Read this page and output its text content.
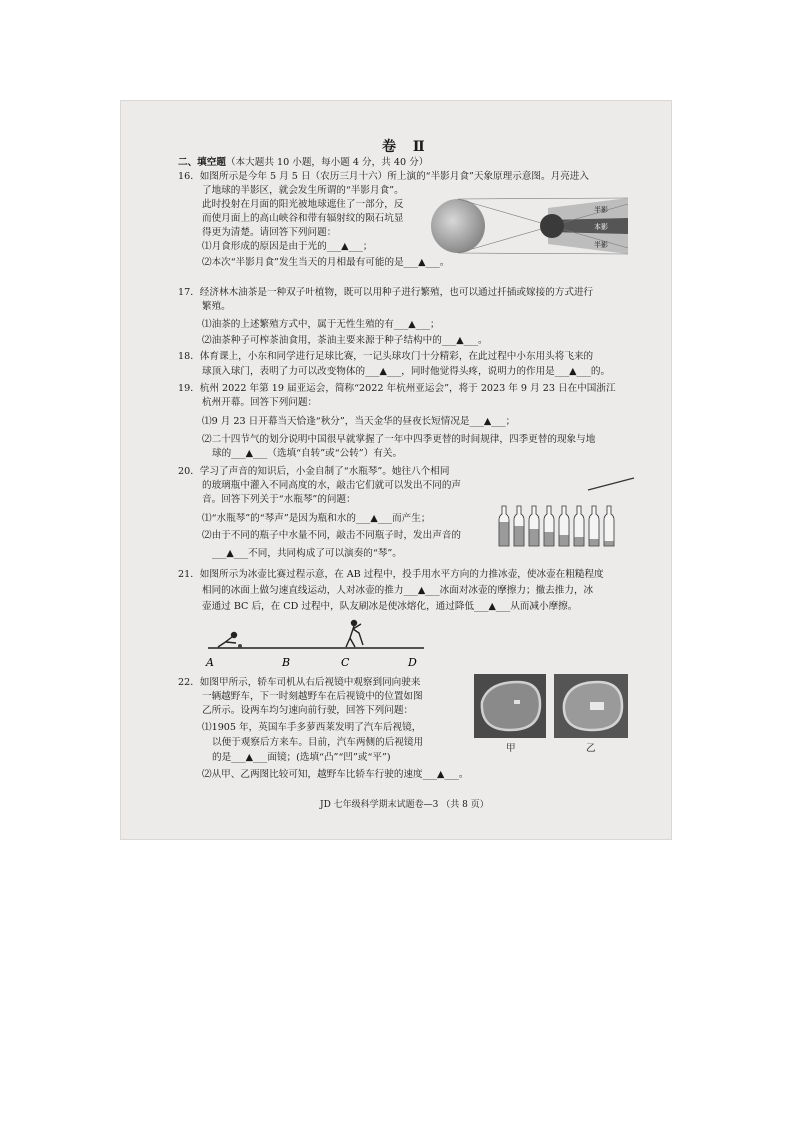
卷 Ⅱ
二、填空题（本大题共 10 小题，每小题 4 分，共 40 分）
16．如图所示是今年 5 月 5 日（农历三月十六）所上演的“半影月食”天象原理示意图。月亮进入
了地球的半影区，就会发生所谓的“半影月食”。
此时投射在月面的阳光被地球遮住了一部分，反
而使月面上的高山峡谷和带有辐射纹的陨石坑显
得更为清楚。请回答下列问题：
⑴月食形成的原因是由于光的___▲___；
⑵本次“半影月食”发生当天的月相最有可能的是___▲___。
半影
本影
半影
17．经济林木油茶是一种双子叶植物，既可以用种子进行繁殖，也可以通过扦插或嫁接的方式进行
繁殖。
⑴油茶的上述繁殖方式中，属于无性生殖的有___▲___；
⑵油茶种子可榨茶油食用，茶油主要来源于种子结构中的___▲___。
18．体育课上，小东和同学进行足球比赛，一记头球攻门十分精彩，在此过程中小东用头将飞来的
球顶入球门，表明了力可以改变物体的___▲___，同时他觉得头疼，说明力的作用是___▲___的。
19．杭州 2022 年第 19 届亚运会，简称“2022 年杭州亚运会”，将于 2023 年 9 月 23 日在中国浙江
杭州开幕。回答下列问题：
⑴9 月 23 日开幕当天恰逢“秋分”，当天金华的昼夜长短情况是___▲___；
⑵二十四节气的划分说明中国很早就掌握了一年中四季更替的时间规律，四季更替的现象与地
球的___▲___（选填“自转”或“公转”）有关。
20．学习了声音的知识后，小金自制了“水瓶琴”。她往八个相同
的玻璃瓶中灌入不同高度的水，敲击它们就可以发出不同的声
音。回答下列关于“水瓶琴”的问题：
⑴“水瓶琴”的“琴声”是因为瓶和水的___▲___而产生；
⑵由于不同的瓶子中水量不同，敲击不同瓶子时，发出声音的
___▲___不同，共同构成了可以演奏的“琴”。
21．如图所示为冰壶比赛过程示意，在 AB 过程中，投手用水平方向的力推冰壶，使冰壶在粗糙程度
相同的冰面上做匀速直线运动，人对冰壶的推力___▲___冰面对冰壶的摩擦力；撤去推力，冰
壶通过 BC 后，在 CD 过程中，队友刷冰是使冰熔化，通过降低___▲___从而减小摩擦。
A	B	C	D
22．如图甲所示，轿车司机从右后视镜中观察到同向驶来
一辆越野车，下一时刻越野车在后视镜中的位置如图
乙所示。设两车均匀速向前行驶，回答下列问题：
⑴1905 年，英国车手多萝西莱发明了汽车后视镜，
以便于观察后方来车。目前，汽车两侧的后视镜用
的是___▲___面镜；(选填“凸”“凹”或“平”)
⑵从甲、乙两图比较可知，越野车比轿车行驶的速度___▲___。
甲	乙
JD 七年级科学期末试题卷—3 （共 8 页）
